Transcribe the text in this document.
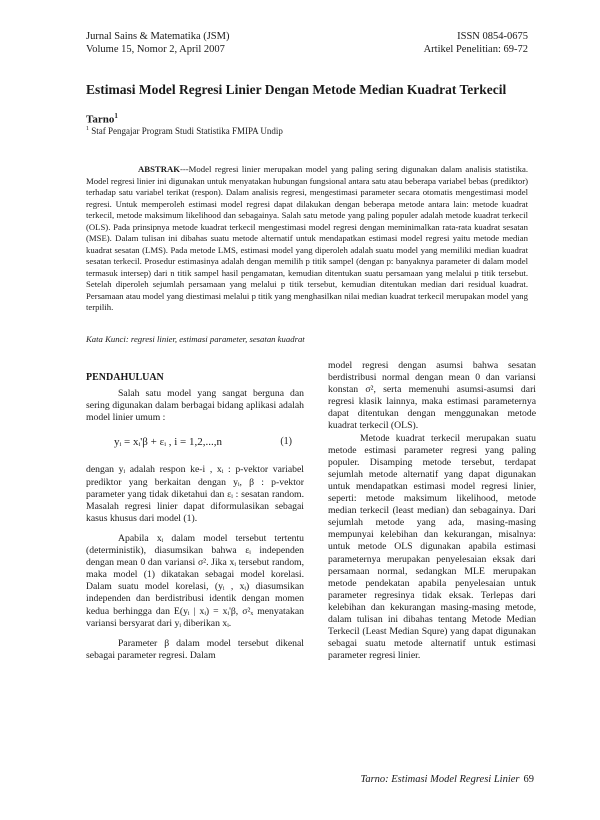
Jurnal Sains & Matematika (JSM)
Volume 15, Nomor 2, April 2007
ISSN 0854-0675
Artikel Penelitian: 69-72
Estimasi Model Regresi Linier Dengan Metode Median Kuadrat Terkecil
Tarno$^1$
$^1$ Staf Pengajar Program Studi Statistika FMIPA Undip

ABSTRAK---Model regresi linier merupakan model yang paling sering digunakan dalam analisis statistika. Model regresi linier ini digunakan untuk menyatakan hubungan fungsional antara satu atau beberapa variabel bebas (prediktor) terhadap satu variabel terikat (respon). Dalam analisis regresi, mengestimasi parameter secara otomatis mengestimasi model regresi. Untuk memperoleh estimasi model regresi dapat dilakukan dengan beberapa metode antara lain: metode kuadrat terkecil, metode maksimum likelihood dan sebagainya. Salah satu metode yang paling populer adalah metode kuadrat terkecil (OLS). Pada prinsipnya metode kuadrat terkecil mengestimasi model regresi dengan meminimalkan rata-rata kuadrat sesatan (MSE). Dalam tulisan ini dibahas suatu metode alternatif untuk mendapatkan estimasi model regresi yaitu metode median kuadrat sesatan (LMS). Pada metode LMS, estimasi model yang diperoleh adalah suatu model yang memiliki median kuadrat sesatan terkecil. Prosedur estimasinya adalah dengan memilih p titik sampel (dengan p: banyaknya parameter di dalam model termasuk intersep) dari n titik sampel hasil pengamatan, kemudian ditentukan suatu persamaan yang melalui p titik tersebut. Setelah diperoleh sejumlah persamaan yang melalui p titik tersebut, kemudian ditentukan median dari residual kuadrat. Persamaan atau model yang diestimasi melalui p titik yang menghasilkan nilai median kuadrat terkecil merupakan model yang terpilih.

Kata Kunci: regresi linier, estimasi parameter, sesatan kuadrat

PENDAHULUAN

Salah satu model yang sangat berguna dan sering digunakan dalam berbagai bidang aplikasi adalah model linier umum :

yᵢ = xᵢ'β + εᵢ , i = 1,2,...,n	(1)

dengan yᵢ adalah respon ke-i , xᵢ : p-vektor variabel prediktor yang berkaitan dengan yᵢ, β : p-vektor parameter yang tidak diketahui dan εᵢ : sesatan random. Masalah regresi linier dapat diformulasikan sebagai kasus khusus dari model (1).

Apabila xᵢ dalam model tersebut tertentu (deterministik), diasumsikan bahwa εᵢ independen dengan mean 0 dan variansi σ². Jika xᵢ tersebut random, maka model (1) dikatakan sebagai model korelasi. Dalam suatu model korelasi, (yᵢ , xᵢ) diasumsikan independen dan berdistribusi identik dengan momen kedua berhingga dan E(yᵢ | xᵢ) = xᵢ'β, σ²ₓ menyatakan variansi bersyarat dari yᵢ diberikan xᵢ.

Parameter β dalam model tersebut dikenal sebagai parameter regresi. Dalam

model regresi dengan asumsi bahwa sesatan berdistribusi normal dengan mean 0 dan variansi konstan σ², serta memenuhi asumsi-asumsi dari regresi klasik lainnya, maka estimasi parameternya dapat ditentukan dengan menggunakan metode kuadrat terkecil (OLS).

Metode kuadrat terkecil merupakan suatu metode estimasi parameter regresi yang paling populer. Disamping metode tersebut, terdapat sejumlah metode alternatif yang dapat digunakan untuk mendapatkan estimasi model regresi linier, seperti: metode maksimum likelihood, metode median terkecil (least median) dan sebagainya. Dari sejumlah metode yang ada, masing-masing mempunyai kelebihan dan kekurangan, misalnya: untuk metode OLS digunakan apabila estimasi parameternya merupakan penyelesaian eksak dari persamaan normal, sedangkan MLE merupakan metode pendekatan apabila penyelesaian untuk parameter regresinya tidak eksak. Terlepas dari kelebihan dan kekurangan masing-masing metode, dalam tulisan ini dibahas tentang Metode Median Terkecil (Least Median Squre) yang dapat digunakan sebagai suatu metode alternatif untuk estimasi parameter regresi linier.

Tarno: Estimasi Model Regresi Linier 69
